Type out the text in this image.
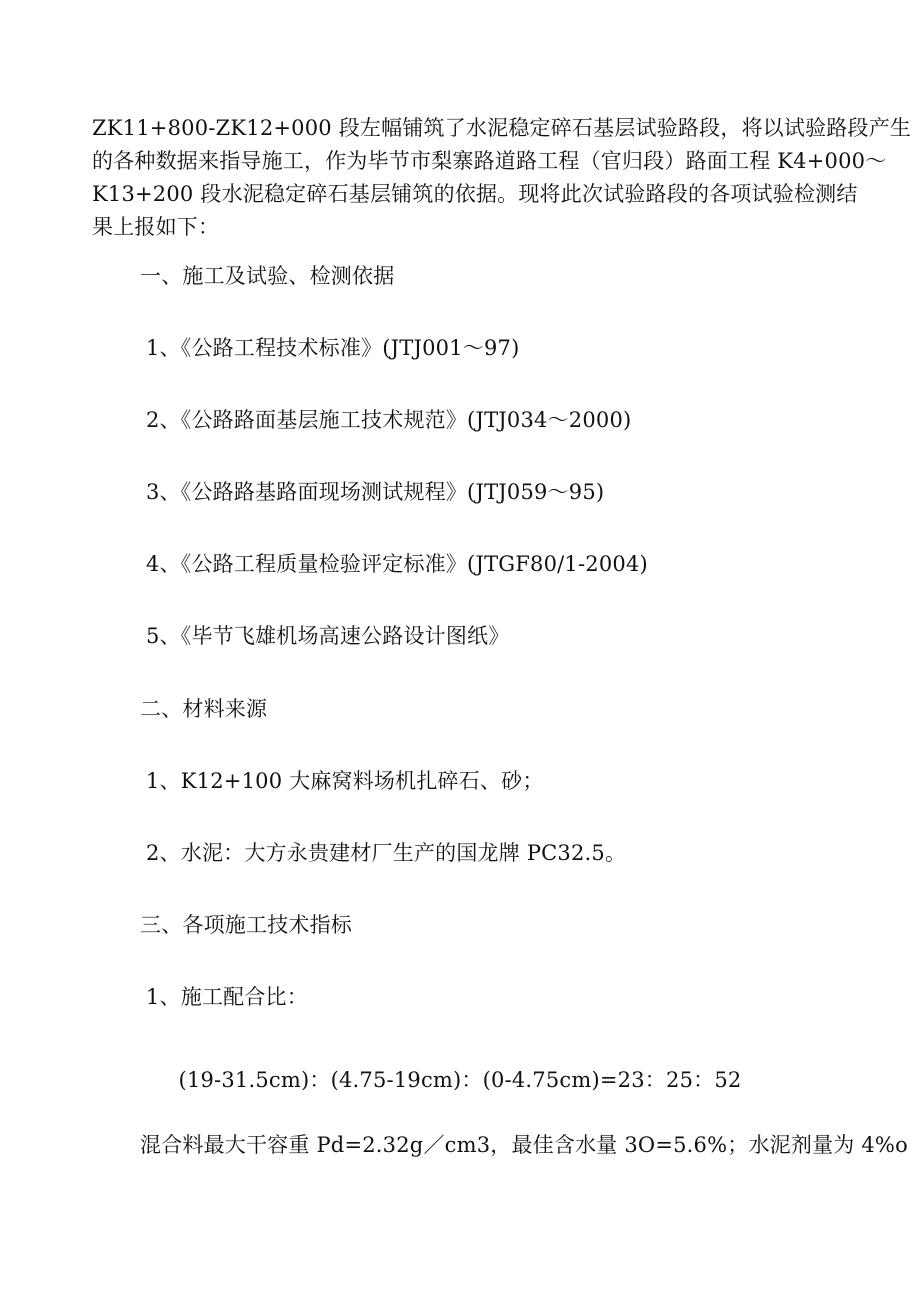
ZK11+800-ZK12+000 段左幅铺筑了水泥稳定碎石基层试验路段，将以试验路段产生
的各种数据来指导施工，作为毕节市梨寨路道路工程（官归段）路面工程 K4+000～
K13+200 段水泥稳定碎石基层铺筑的依据。现将此次试验路段的各项试验检测结
果上报如下：
一、施工及试验、检测依据
1、《公路工程技术标准》(JTJ001～97)
2、《公路路面基层施工技术规范》(JTJ034～2000)
3、《公路路基路面现场测试规程》(JTJ059～95)
4、《公路工程质量检验评定标准》(JTGF80/1-2004)
5、《毕节飞雄机场高速公路设计图纸》
二、材料来源
1、K12+100 大麻窝料场机扎碎石、砂；
2、水泥：大方永贵建材厂生产的国龙牌 PC32.5。
三、各项施工技术指标
1、施工配合比：
(19-31.5cm)：(4.75-19cm)：(0-4.75cm)=23：25：52
混合料最大干容重 Pd=2.32g／cm3，最佳含水量 3O=5.6%；水泥剂量为 4%o
